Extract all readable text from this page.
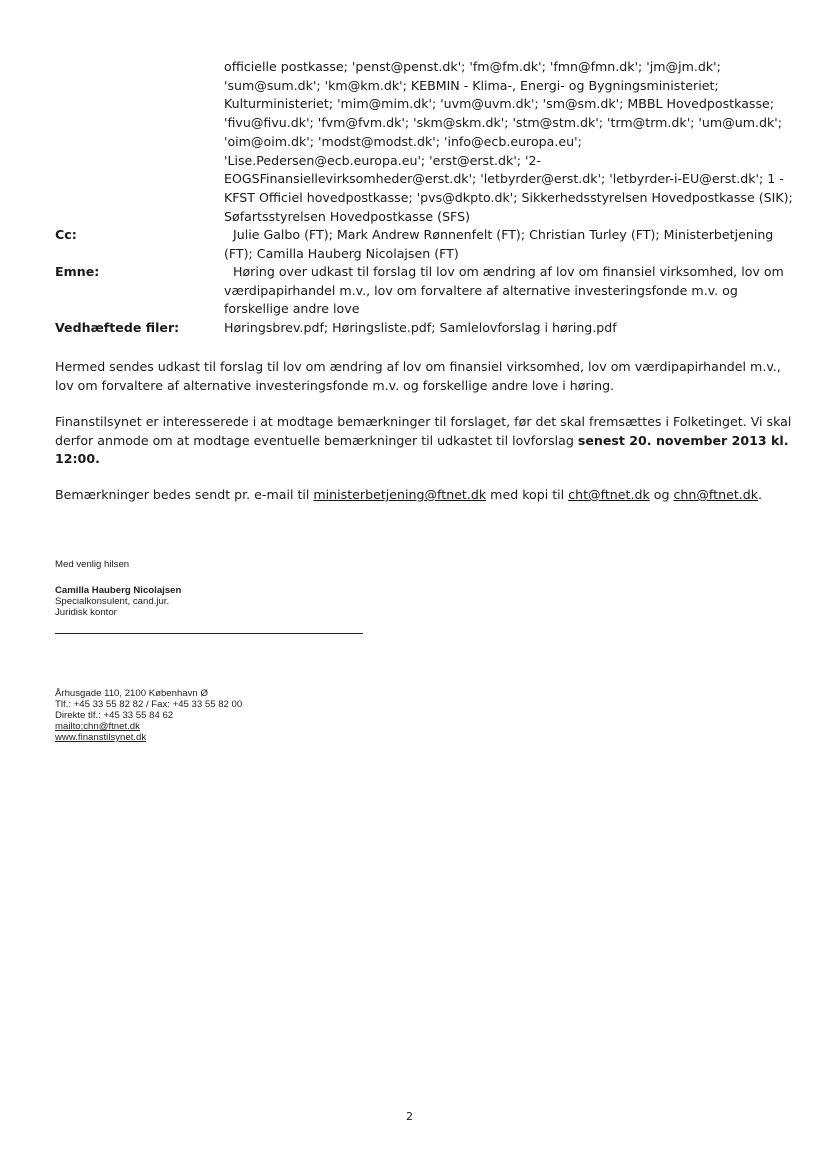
officielle postkasse; 'penst@penst.dk'; 'fm@fm.dk'; 'fmn@fmn.dk'; 'jm@jm.dk';
'sum@sum.dk'; 'km@km.dk'; KEBMIN - Klima-, Energi- og Bygningsministeriet;
Kulturministeriet; 'mim@mim.dk'; 'uvm@uvm.dk'; 'sm@sm.dk'; MBBL Hovedpostkasse;
'fivu@fivu.dk'; 'fvm@fvm.dk'; 'skm@skm.dk'; 'stm@stm.dk'; 'trm@trm.dk'; 'um@um.dk';
'oim@oim.dk'; 'modst@modst.dk'; 'info@ecb.europa.eu';
'Lise.Pedersen@ecb.europa.eu'; 'erst@erst.dk'; '2-
EOGSFinansiellevirksomheder@erst.dk'; 'letbyrder@erst.dk'; 'letbyrder-i-EU@erst.dk'; 1 -
KFST Officiel hovedpostkasse; 'pvs@dkpto.dk'; Sikkerhedsstyrelsen Hovedpostkasse (SIK);
Søfartsstyrelsen Hovedpostkasse (SFS)
Cc:	Julie Galbo (FT); Mark Andrew Rønnenfelt (FT); Christian Turley (FT); Ministerbetjening
(FT); Camilla Hauberg Nicolajsen (FT)
Emne:	Høring over udkast til forslag til lov om ændring af lov om finansiel virksomhed, lov om
værdipapirhandel m.v., lov om forvaltere af alternative investeringsfonde m.v. og
forskellige andre love
Vedhæftede filer:	Høringsbrev.pdf; Høringsliste.pdf; Samlelovforslag i høring.pdf
Hermed sendes udkast til forslag til lov om ændring af lov om finansiel virksomhed, lov om værdipapirhandel m.v.,
lov om forvaltere af alternative investeringsfonde m.v. og forskellige andre love i høring.
Finanstilsynet er interesserede i at modtage bemærkninger til forslaget, før det skal fremsættes i Folketinget. Vi skal
derfor anmode om at modtage eventuelle bemærkninger til udkastet til lovforslag senest 20. november 2013 kl.
12:00.
Bemærkninger bedes sendt pr. e-mail til ministerbetjening@ftnet.dk med kopi til cht@ftnet.dk og chn@ftnet.dk.
Med venlig hilsen
Camilla Hauberg Nicolajsen
Specialkonsulent, cand.jur.
Juridisk kontor
Århusgade 110, 2100 København Ø
Tlf.: +45 33 55 82 82 / Fax: +45 33 55 82 00
Direkte tlf.: +45 33 55 84 62
mailto:chn@ftnet.dk
www.finanstilsynet.dk
2
